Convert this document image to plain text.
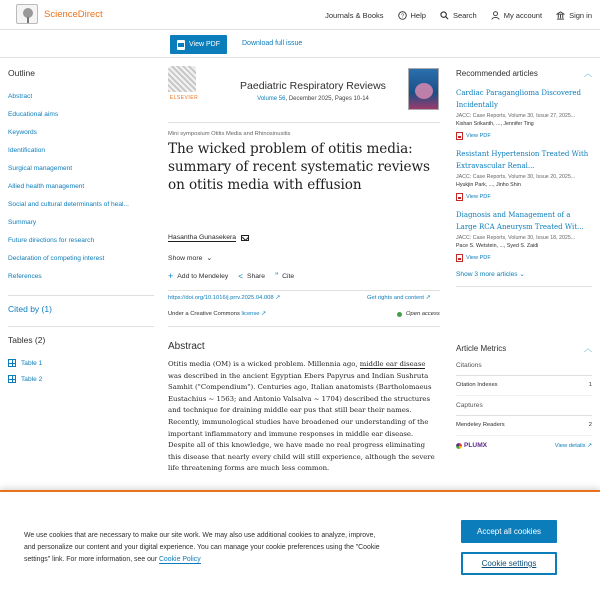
ScienceDirect	Journals & Books	? Help	Search	My account	Sign in
View PDF	Download full issue
Outline
Abstract
Educational aims
Keywords
Identification
Surgical management
Allied health management
Social and cultural determinants of heal...
Summary
Future directions for research
Declaration of competing interest
References
Cited by (1)
Tables (2)
Table 1
Table 2
ELSEVIER
Paediatric Respiratory Reviews
Volume 56, December 2025, Pages 10-14
Mini symposium Otitis Media and Rhinosinusitis
The wicked problem of otitis media: summary of recent systematic reviews on otitis media with effusion
Hasantha Gunasekera
Show more ⌄
+ Add to Mendeley < Share ” Cite
https://doi.org/10.1016/j.prrv.2025.04.008 ↗	Get rights and content ↗
Under a Creative Commons license ↗	Open access
Abstract

Otitis media (OM) is a wicked problem. Millennia ago, middle ear disease was described in the ancient Egyptian Ebers Papyrus and Indian Sushruta Samhit ("Compendium"). Centuries ago, Italian anatomists (Bartholomaeus Eustachius ~ 1563; and Antonio Valsalva ~ 1704) described the structures and technique for draining middle ear pus that still bear their names. Recently, immunological studies have broadened our understanding of the important inflammatory and immune responses in middle ear disease. Despite all of this knowledge, we have made no real progress eliminating this disease that nearly every child will still experience, although the severe life threatening forms are much less common.

Recommended articles	︿
Cardiac Paraganglioma Discovered Incidentally
JACC: Case Reports, Volume 30, Issue 27, 2025...
Kishan Srikanth, ..., Jennifer Ting
View PDF
Resistant Hypertension Treated With Extravascular Renal...
JACC: Case Reports, Volume 30, Issue 20, 2025...
Hyukjin Park, ..., Jinho Shin
View PDF
Diagnosis and Management of a Large RCA Aneurysm Treated Wit...
JACC: Case Reports, Volume 30, Issue 18, 2025...
Pace S. Wetstein, ..., Syed S. Zaidi
View PDF
Show 3 more articles ⌄
Article Metrics	︿
Citations
Citation Indexes	1
Captures
Mendeley Readers	2
PLUMX	View details ↗

We use cookies that are necessary to make our site work. We may also use additional cookies to analyze, improve, and personalize our content and your digital experience. You can manage your cookie preferences using the "Cookie settings" link. For more information, see our Cookie Policy

Accept all cookies
Cookie settings
